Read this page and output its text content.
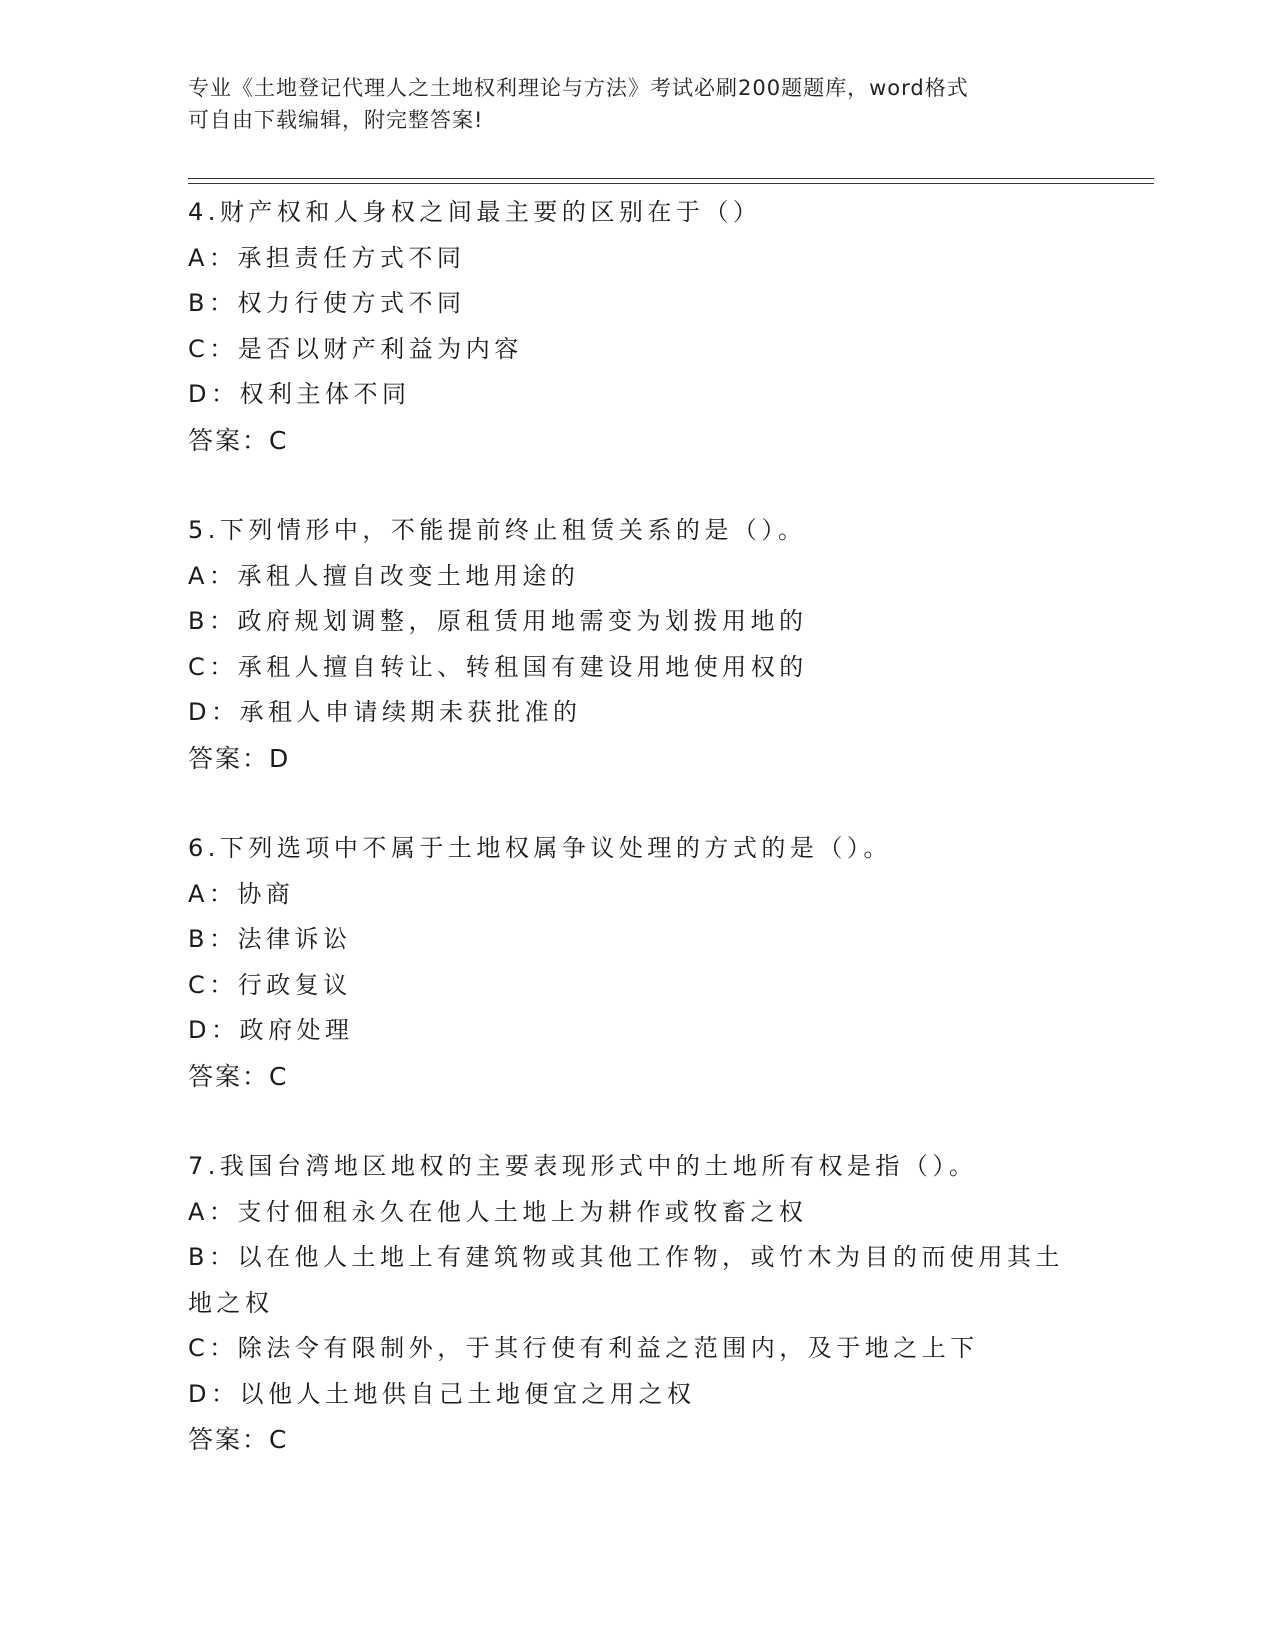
专业《土地登记代理人之土地权利理论与方法》考试必刷200题题库，word格式
可自由下载编辑，附完整答案!
4.财产权和人身权之间最主要的区别在于（）
A：承担责任方式不同
B：权力行使方式不同
C：是否以财产利益为内容
D：权利主体不同
答案：C
5.下列情形中，不能提前终止租赁关系的是（）。
A：承租人擅自改变土地用途的
B：政府规划调整，原租赁用地需变为划拨用地的
C：承租人擅自转让、转租国有建设用地使用权的
D：承租人申请续期未获批准的
答案：D
6.下列选项中不属于土地权属争议处理的方式的是（）。
A：协商
B：法律诉讼
C：行政复议
D：政府处理
答案：C
7.我国台湾地区地权的主要表现形式中的土地所有权是指（）。
A：支付佃租永久在他人土地上为耕作或牧畜之权
B：以在他人土地上有建筑物或其他工作物，或竹木为目的而使用其土地之权
C：除法令有限制外，于其行使有利益之范围内，及于地之上下
D：以他人土地供自己土地便宜之用之权
答案：C
